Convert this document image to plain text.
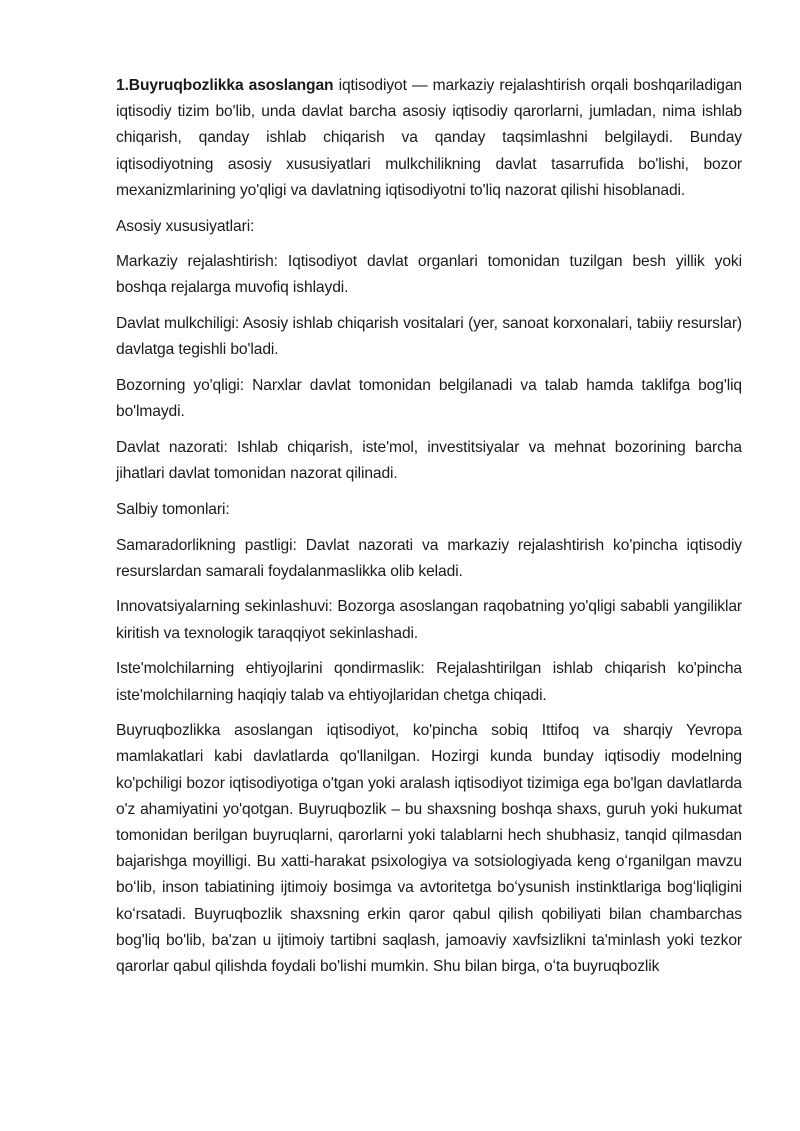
1.Buyruqbozlikka asoslangan iqtisodiyot — markaziy rejalashtirish orqali boshqariladigan iqtisodiy tizim bo'lib, unda davlat barcha asosiy iqtisodiy qarorlarni, jumladan, nima ishlab chiqarish, qanday ishlab chiqarish va qanday taqsimlashni belgilaydi. Bunday iqtisodiyotning asosiy xususiyatlari mulkchilikning davlat tasarrufida bo'lishi, bozor mexanizmlarining yo'qligi va davlatning iqtisodiyotni to'liq nazorat qilishi hisoblanadi.

Asosiy xususiyatlari:

Markaziy rejalashtirish: Iqtisodiyot davlat organlari tomonidan tuzilgan besh yillik yoki boshqa rejalarga muvofiq ishlaydi.

Davlat mulkchiligi: Asosiy ishlab chiqarish vositalari (yer, sanoat korxonalari, tabiiy resurslar) davlatga tegishli bo'ladi.

Bozorning yo'qligi: Narxlar davlat tomonidan belgilanadi va talab hamda taklifga bog'liq bo'lmaydi.

Davlat nazorati: Ishlab chiqarish, iste'mol, investitsiyalar va mehnat bozorining barcha jihatlari davlat tomonidan nazorat qilinadi.

Salbiy tomonlari:

Samaradorlikning pastligi: Davlat nazorati va markaziy rejalashtirish ko'pincha iqtisodiy resurslardan samarali foydalanmaslikka olib keladi.

Innovatsiyalarning sekinlashuvi: Bozorga asoslangan raqobatning yo'qligi sababli yangiliklar kiritish va texnologik taraqqiyot sekinlashadi.

Iste'molchilarning ehtiyojlarini qondirmaslik: Rejalashtirilgan ishlab chiqarish ko'pincha iste'molchilarning haqiqiy talab va ehtiyojlaridan chetga chiqadi.

Buyruqbozlikka asoslangan iqtisodiyot, ko'pincha sobiq Ittifoq va sharqiy Yevropa mamlakatlari kabi davlatlarda qo'llanilgan. Hozirgi kunda bunday iqtisodiy modelning ko'pchiligi bozor iqtisodiyotiga o'tgan yoki aralash iqtisodiyot tizimiga ega bo'lgan davlatlarda o'z ahamiyatini yo'qotgan. Buyruqbozlik – bu shaxsning boshqa shaxs, guruh yoki hukumat tomonidan berilgan buyruqlarni, qarorlarni yoki talablarni hech shubhasiz, tanqid qilmasdan bajarishga moyilligi. Bu xatti-harakat psixologiya va sotsiologiyada keng oʻrganilgan mavzu boʻlib, inson tabiatining ijtimoiy bosimga va avtoritetga boʻysunish instinktlariga bogʻliqligini koʻrsatadi. Buyruqbozlik shaxsning erkin qaror qabul qilish qobiliyati bilan chambarchas bog'liq bo'lib, ba'zan u ijtimoiy tartibni saqlash, jamoaviy xavfsizlikni ta'minlash yoki tezkor qarorlar qabul qilishda foydali bo'lishi mumkin. Shu bilan birga, oʻta buyruqbozlik
